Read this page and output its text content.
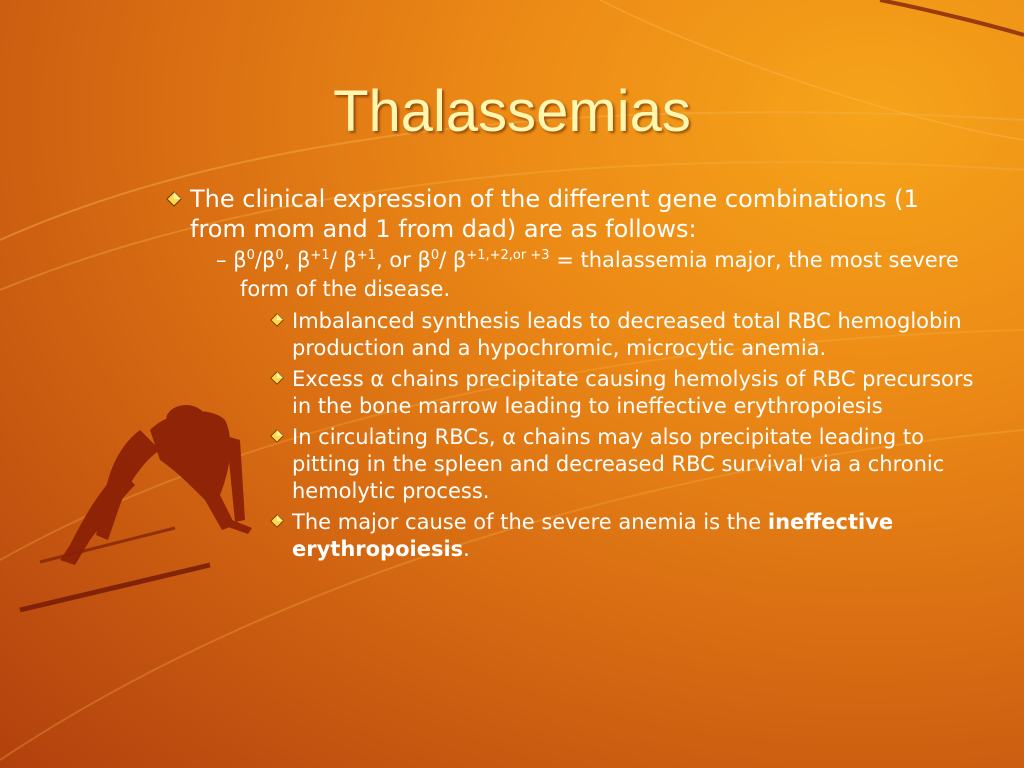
Thalassemias
The clinical expression of the different gene combinations (1 from mom and 1 from dad) are as follows:
– $\beta^0/\beta^0$, $\beta^{+1}/$ $\beta^{+1}$, or $\beta^0/$ $\beta^{+1,+2,or +3}$ = thalassemia major, the most severe form of the disease.
Imbalanced synthesis leads to decreased total RBC hemoglobin production and a hypochromic, microcytic anemia.
Excess α chains precipitate causing hemolysis of RBC precursors in the bone marrow leading to ineffective erythropoiesis
In circulating RBCs, α chains may also precipitate leading to pitting in the spleen and decreased RBC survival via a chronic hemolytic process.
The major cause of the severe anemia is the ineffective erythropoiesis.
